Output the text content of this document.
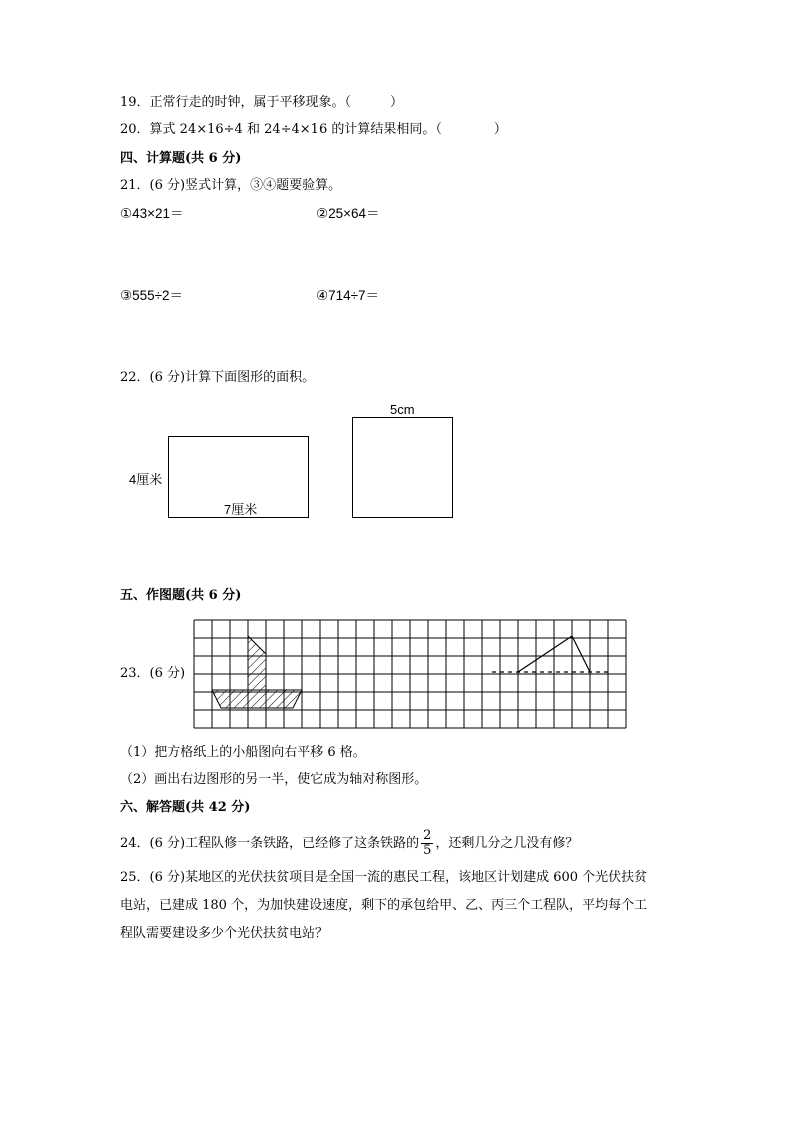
19．正常行走的时钟，属于平移现象。（　　　）
20．算式 24×16÷4 和 24÷4×16 的计算结果相同。（　　　　）
四、计算题(共 6 分)
21．(6 分)竖式计算，③④题要验算。
①43×21＝	②25×64＝
③555÷2＝	④714÷7＝
22．(6 分)计算下面图形的面积。
4厘米
7厘米
5cm
五、作图题(共 6 分)
23．(6 分)
（1）把方格纸上的小船图向右平移 6 格。
（2）画出右边图形的另一半，使它成为轴对称图形。
六、解答题(共 42 分)
24．(6 分)工程队修一条铁路，已经修了这条铁路的 $\frac{2}{5}$ ，还剩几分之几没有修？
25．(6 分)某地区的光伏扶贫项目是全国一流的惠民工程，该地区计划建成 600 个光伏扶贫
电站，已建成 180 个，为加快建设速度，剩下的承包给甲、乙、丙三个工程队，平均每个工
程队需要建设多少个光伏扶贫电站？
